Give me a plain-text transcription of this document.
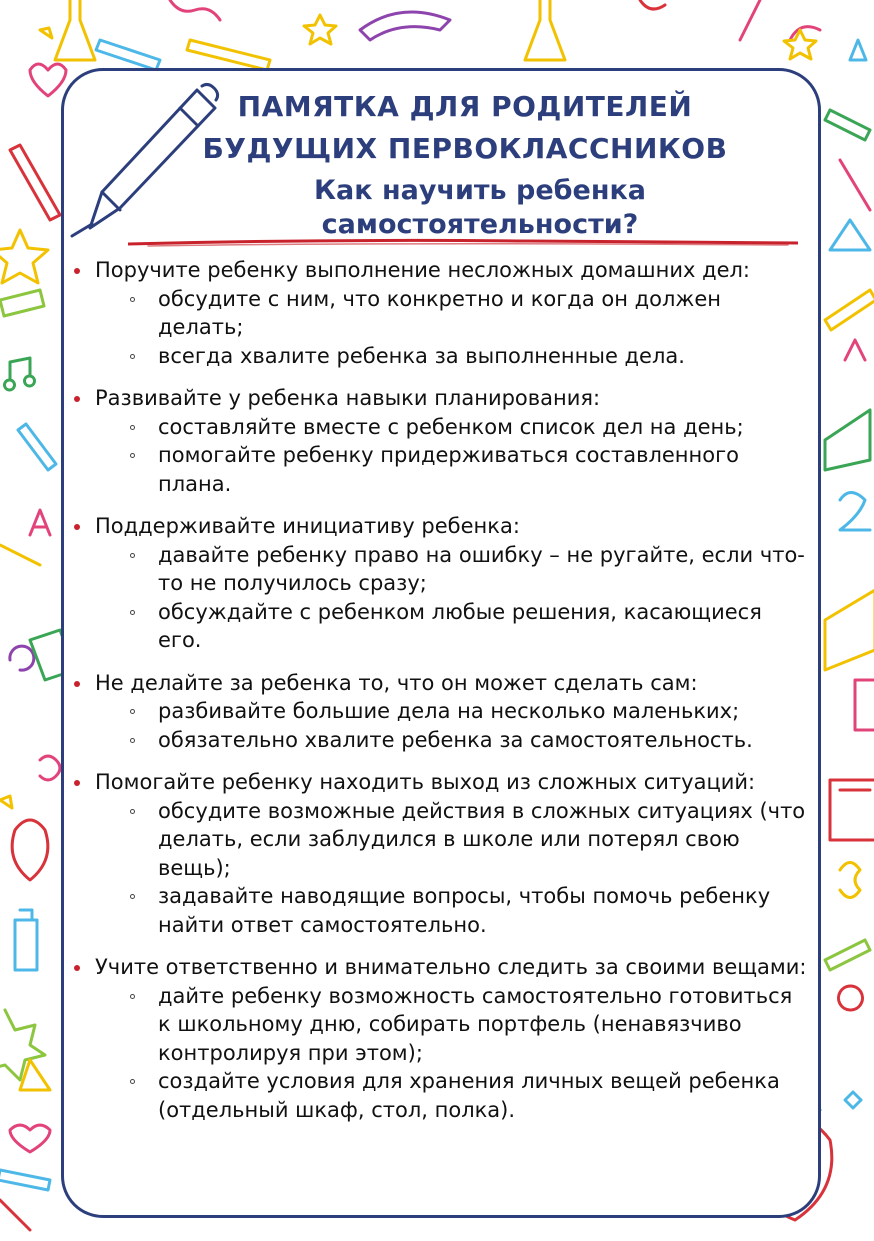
ПАМЯТКА ДЛЯ РОДИТЕЛЕЙ
БУДУЩИХ ПЕРВОКЛАССНИКОВ
Как научить ребенка
самостоятельности?
Поручите ребенку выполнение несложных домашних дел:
обсудите с ним, что конкретно и когда он должен делать;
всегда хвалите ребенка за выполненные дела.
Развивайте у ребенка навыки планирования:
составляйте вместе с ребенком список дел на день;
помогайте ребенку придерживаться составленного плана.
Поддерживайте инициативу ребенка:
давайте ребенку право на ошибку – не ругайте, если что-то не получилось сразу;
обсуждайте с ребенком любые решения, касающиеся его.
Не делайте за ребенка то, что он может сделать сам:
разбивайте большие дела на несколько маленьких;
обязательно хвалите ребенка за самостоятельность.
Помогайте ребенку находить выход из сложных ситуаций:
обсудите возможные действия в сложных ситуациях (что делать, если заблудился в школе или потерял свою вещь);
задавайте наводящие вопросы, чтобы помочь ребенку найти ответ самостоятельно.
Учите ответственно и внимательно следить за своими вещами:
дайте ребенку возможность самостоятельно готовиться к школьному дню, собирать портфель (ненавязчиво контролируя при этом);
создайте условия для хранения личных вещей ребенка (отдельный шкаф, стол, полка).
